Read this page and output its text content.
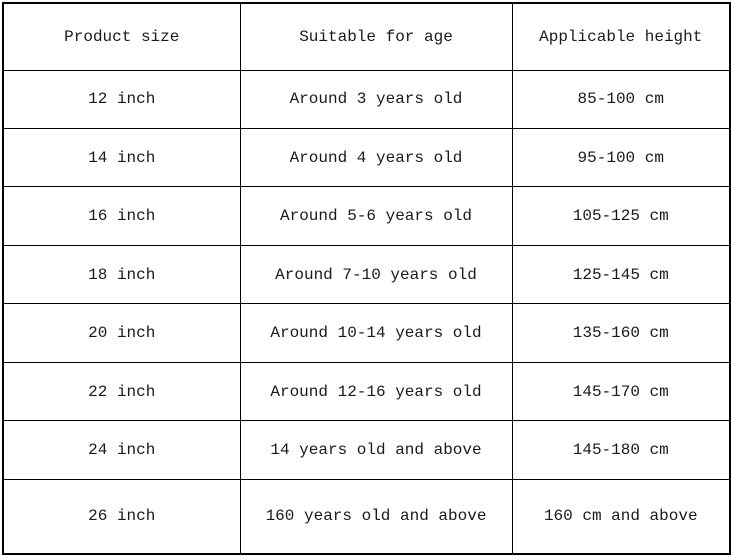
Product size	Suitable for age	Applicable height
12 inch	Around 3 years old	85-100 cm
14 inch	Around 4 years old	95-100 cm
16 inch	Around 5-6 years old	105-125 cm
18 inch	Around 7-10 years old	125-145 cm
20 inch	Around 10-14 years old	135-160 cm
22 inch	Around 12-16 years old	145-170 cm
24 inch	14 years old and above	145-180 cm
26 inch	160 years old and above	160 cm and above
